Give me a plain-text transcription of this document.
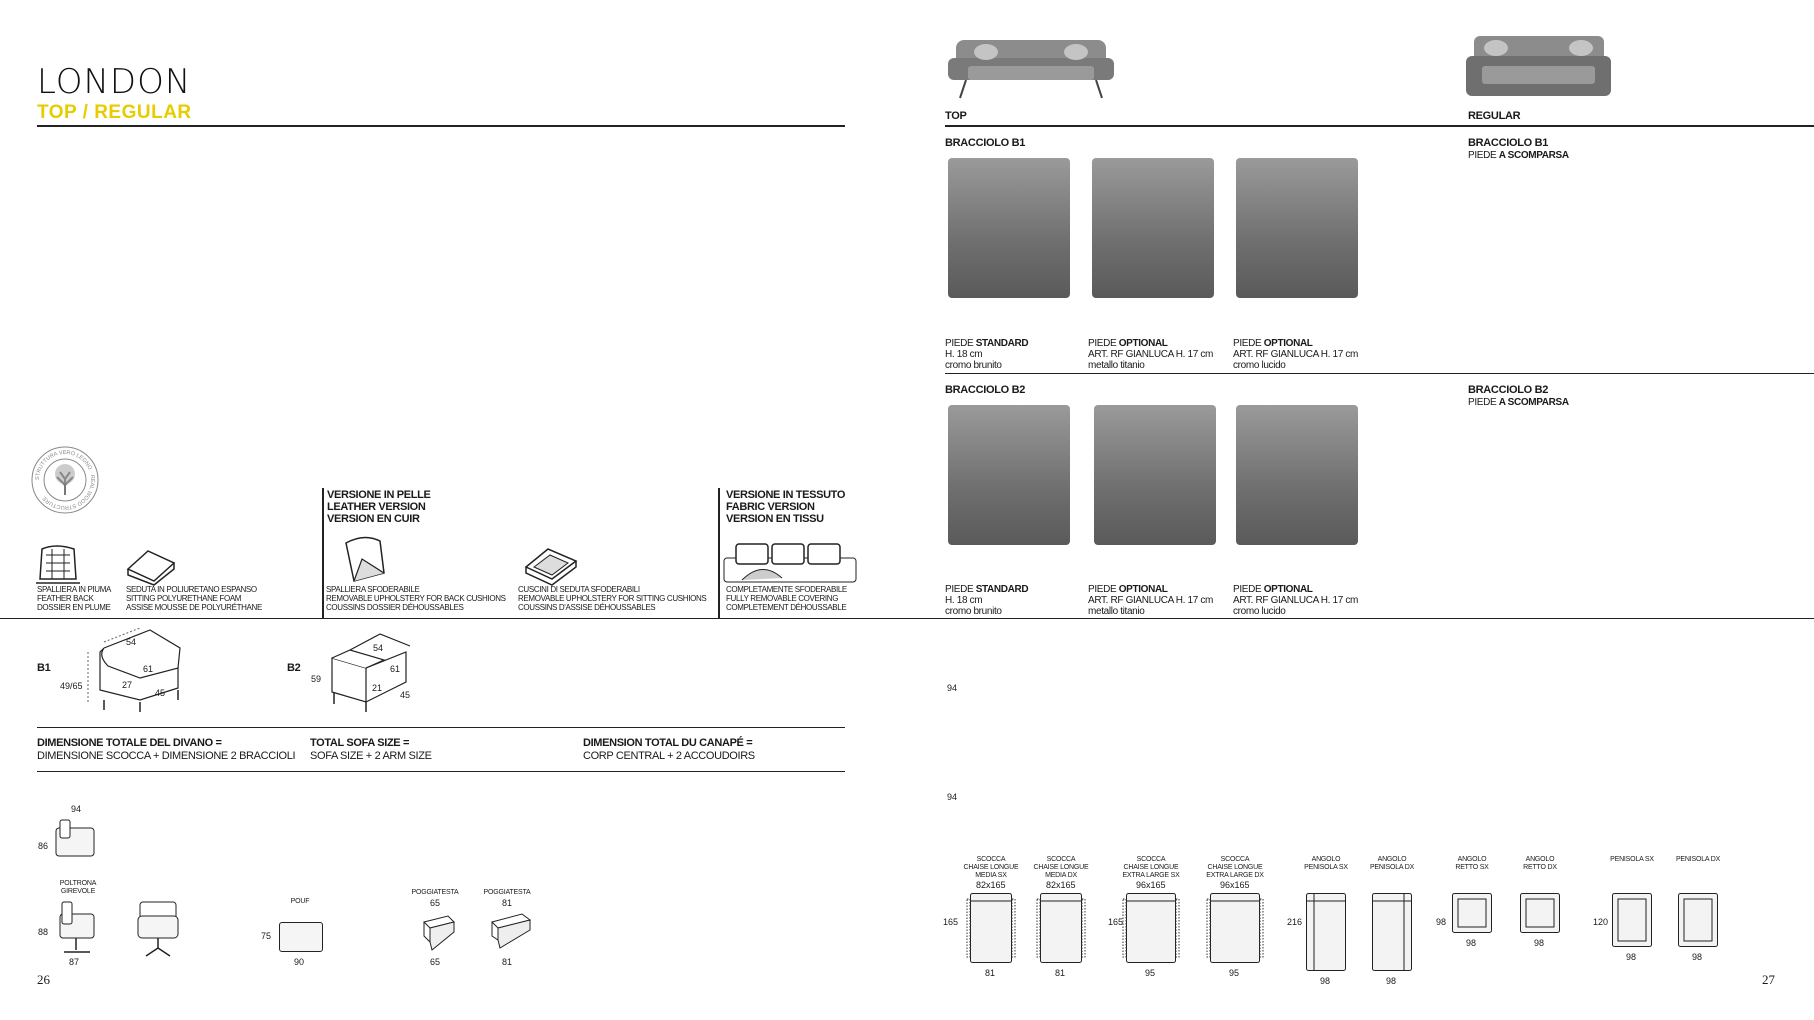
LONDON
TOP / REGULAR	TOP	REGULAR
STRUTTURA VERO LEGNO · REAL WOOD STRUCTURE	VERSIONE IN PELLE
LEATHER VERSION
VERSION EN CUIR
VERSIONE IN TESSUTO
FABRIC VERSION
VERSION EN TISSU
SPALLIERA IN PIUMA
FEATHER BACK
DOSSIER EN PLUME
SEDUTA IN POLIURETANO ESPANSO
SITTING POLYURETHANE FOAM
ASSISE MOUSSE DE POLYURÉTHANE
SPALLIERA SFODERABILE
REMOVABLE UPHOLSTERY FOR BACK CUSHIONS
COUSSINS DOSSIER DÉHOUSSABLES
CUSCINI DI SEDUTA SFODERABILI
REMOVABLE UPHOLSTERY FOR SITTING CUSHIONS
COUSSINS D'ASSISE DÉHOUSSABLES
COMPLETAMENTE SFODERABILE
FULLY REMOVABLE COVERING
COMPLETEMENT DÉHOUSSABLE
BRACCIOLO B1	BRACCIOLO B1
PIEDE A SCOMPARSA
PIEDE STANDARD
H. 18 cm
cromo brunito
PIEDE OPTIONAL
ART. RF GIANLUCA H. 17 cm
metallo titanio
PIEDE OPTIONAL
ART. RF GIANLUCA H. 17 cm
cromo lucido
BRACCIOLO B2	BRACCIOLO B2
PIEDE A SCOMPARSA
PIEDE STANDARD
H. 18 cm
cromo brunito
PIEDE OPTIONAL
ART. RF GIANLUCA H. 17 cm
metallo titanio
PIEDE OPTIONAL
ART. RF GIANLUCA H. 17 cm
cromo lucido
B1
54
61
27
45
49/65
B2
54
61
21
45
59
DIMENSIONE TOTALE DEL DIVANO =
DIMENSIONE SCOCCA + DIMENSIONE 2 BRACCIOLI
TOTAL SOFA SIZE =
SOFA SIZE + 2 ARM SIZE
DIMENSION TOTAL DU CANAPÉ =
CORP CENTRAL + 2 ACCOUDOIRS
94
86
POLTRONA
GIREVOLE
88
87
POUF
75
90
POGGIATESTA
65
65
POGGIATESTA
81
81
94
94
SCOCCA
CHAISE LONGUE
MEDIA SX
82x165
81
SCOCCA
CHAISE LONGUE
MEDIA DX
82x165
81
SCOCCA
CHAISE LONGUE
EXTRA LARGE SX
96x165
95
SCOCCA
CHAISE LONGUE
EXTRA LARGE DX
96x165
95
ANGOLO
PENISOLA SX
98
ANGOLO
PENISOLA DX
98
ANGOLO
RETTO SX
98
ANGOLO
RETTO DX
98
PENISOLA SX
98
PENISOLA DX
98
165	165	216	98	120
26	27
